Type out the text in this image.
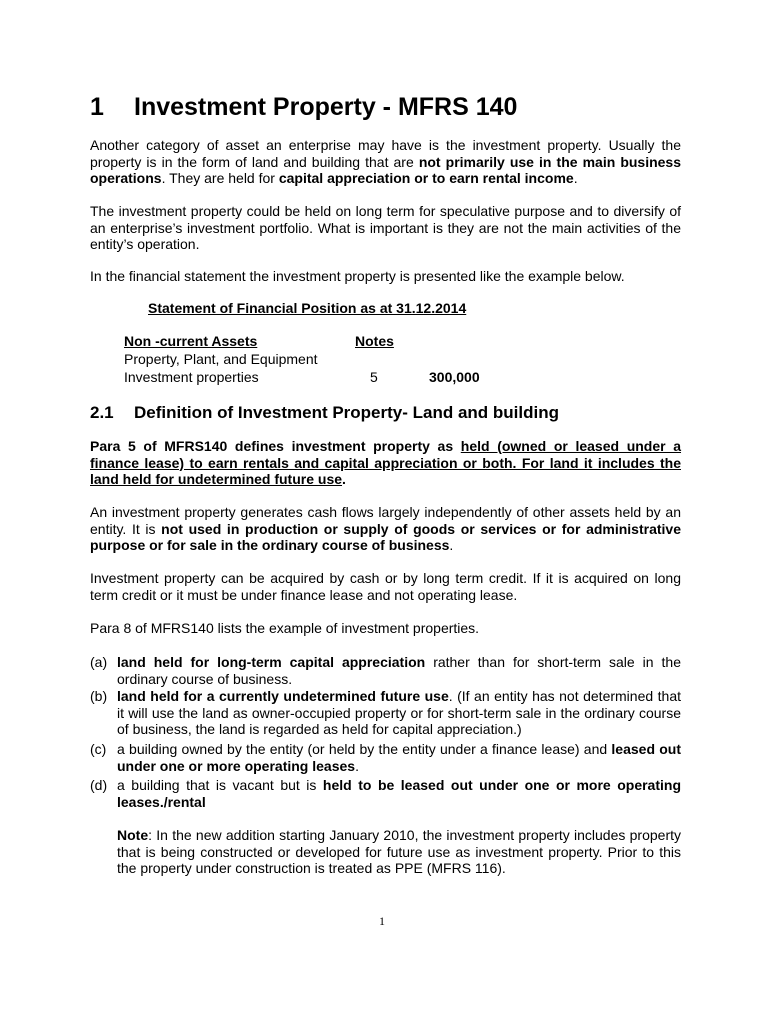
1 Investment Property - MFRS 140

Another category of asset an enterprise may have is the investment property. Usually the property is in the form of land and building that are not primarily use in the main business operations. They are held for capital appreciation or to earn rental income.

The investment property could be held on long term for speculative purpose and to diversify of an enterprise’s investment portfolio. What is important is they are not the main activities of the entity’s operation.

In the financial statement the investment property is presented like the example below.

Statement of Financial Position as at 31.12.2014
Non -current Assets	Notes
Property, Plant, and Equipment
Investment properties	5	300,000
2.1 Definition of Investment Property- Land and building

Para 5 of MFRS140 defines investment property as held (owned or leased under a finance lease) to earn rentals and capital appreciation or both. For land it includes the land held for undetermined future use.

An investment property generates cash flows largely independently of other assets held by an entity. It is not used in production or supply of goods or services or for administrative purpose or for sale in the ordinary course of business.

Investment property can be acquired by cash or by long term credit. If it is acquired on long term credit or it must be under finance lease and not operating lease.

Para 8 of MFRS140 lists the example of investment properties.

(a) land held for long-term capital appreciation rather than for short-term sale in the ordinary course of business.

(b) land held for a currently undetermined future use. (If an entity has not determined that it will use the land as owner-occupied property or for short-term sale in the ordinary course of business, the land is regarded as held for capital appreciation.)

(c) a building owned by the entity (or held by the entity under a finance lease) and leased out under one or more operating leases.

(d) a building that is vacant but is held to be leased out under one or more operating leases./rental

Note: In the new addition starting January 2010, the investment property includes property that is being constructed or developed for future use as investment property. Prior to this the property under construction is treated as PPE (MFRS 116).

1
